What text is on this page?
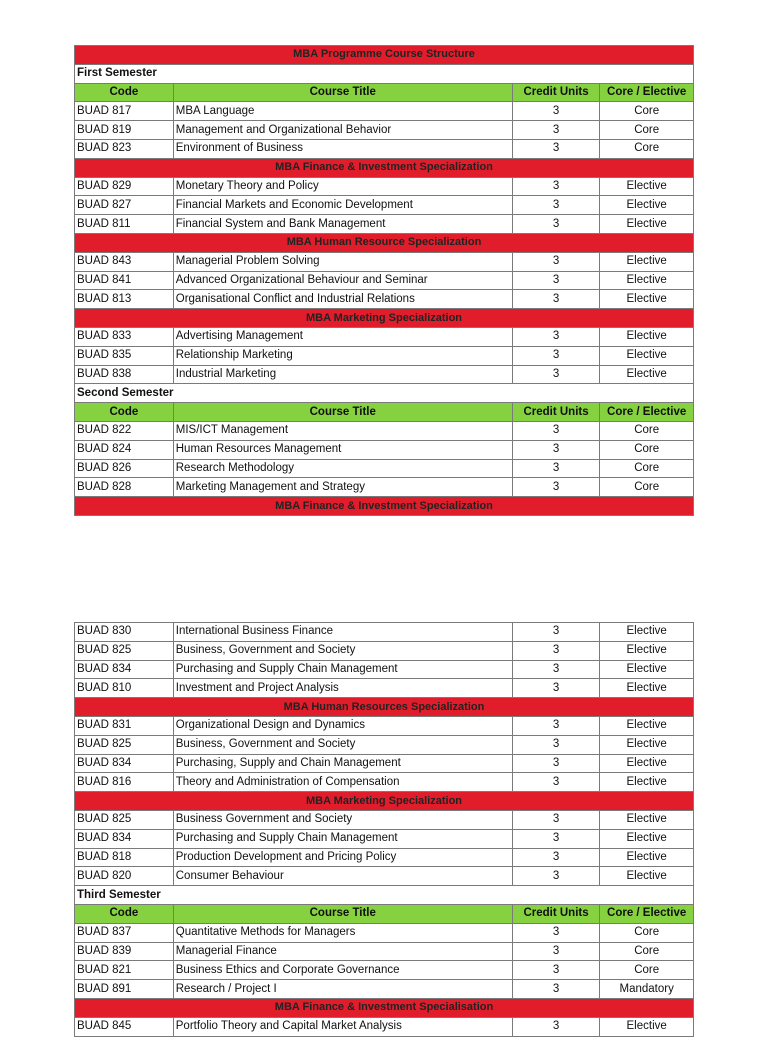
MBA Programme Course Structure			
First Semester			
Code	Course Title	Credit Units	Core / Elective
BUAD 817	MBA Language	3	Core
BUAD 819	Management and Organizational Behavior	3	Core
BUAD 823	Environment of Business	3	Core
MBA Finance & Investment Specialization			
BUAD 829	Monetary Theory and Policy	3	Elective
BUAD 827	Financial Markets and Economic Development	3	Elective
BUAD 811	Financial System and Bank Management	3	Elective
MBA Human Resource Specialization			
BUAD 843	Managerial Problem Solving	3	Elective
BUAD 841	Advanced Organizational Behaviour and Seminar	3	Elective
BUAD 813	Organisational Conflict and Industrial Relations	3	Elective
MBA Marketing Specialization			
BUAD 833	Advertising Management	3	Elective
BUAD 835	Relationship Marketing	3	Elective
BUAD 838	Industrial Marketing	3	Elective
Second Semester			
Code	Course Title	Credit Units	Core / Elective
BUAD 822	MIS/ICT Management	3	Core
BUAD 824	Human Resources Management	3	Core
BUAD 826	Research Methodology	3	Core
BUAD 828	Marketing Management and Strategy	3	Core
MBA Finance & Investment Specialization			
BUAD 830	International Business Finance	3	Elective
BUAD 825	Business, Government and Society	3	Elective
BUAD 834	Purchasing and Supply Chain Management	3	Elective
BUAD 810	Investment and Project Analysis	3	Elective
MBA Human Resources Specialization			
BUAD 831	Organizational Design and Dynamics	3	Elective
BUAD 825	Business, Government and Society	3	Elective
BUAD 834	Purchasing, Supply and Chain Management	3	Elective
BUAD 816	Theory and Administration of Compensation	3	Elective
MBA Marketing Specialization			
BUAD 825	Business Government and Society	3	Elective
BUAD 834	Purchasing and Supply Chain Management	3	Elective
BUAD 818	Production Development and Pricing Policy	3	Elective
BUAD 820	Consumer Behaviour	3	Elective
Third Semester			
Code	Course Title	Credit Units	Core / Elective
BUAD 837	Quantitative Methods for Managers	3	Core
BUAD 839	Managerial Finance	3	Core
BUAD 821	Business Ethics and Corporate Governance	3	Core
BUAD 891	Research / Project I	3	Mandatory
MBA Finance & Investment Specialisation			
BUAD 845	Portfolio Theory and Capital Market Analysis	3	Elective
